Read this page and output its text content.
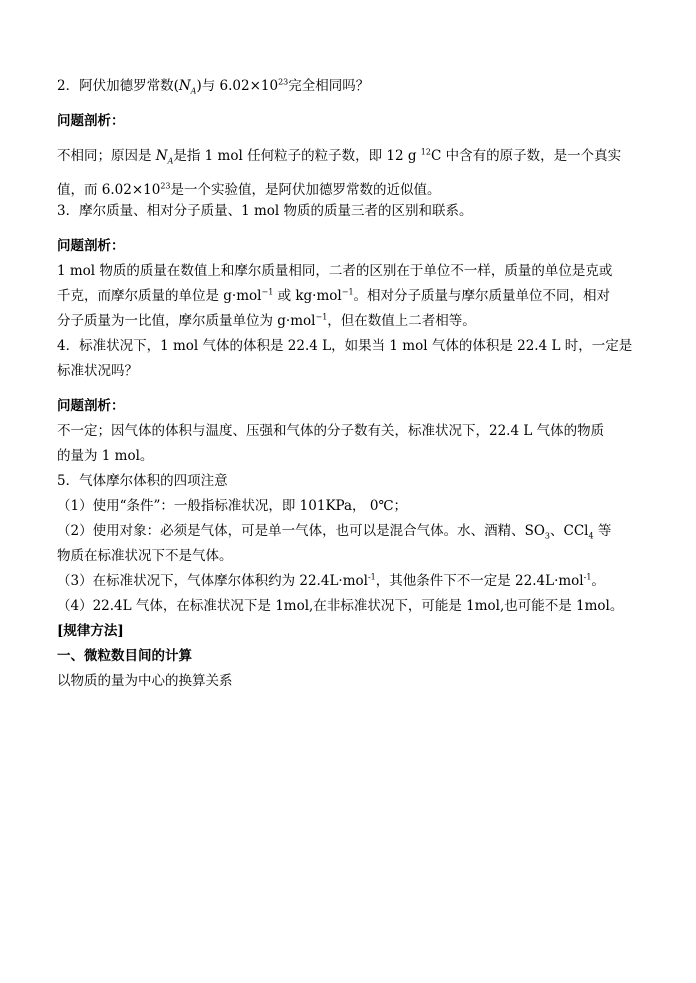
2．阿伏加德罗常数$(N_A)$与 $6.02\times 10^{23}$完全相同吗？
问题剖析：
不相同；原因是 $N_A$是指 1 mol 任何粒子的粒子数，即 12 g $^{12}$C 中含有的原子数，是一个真实
值，而 $6.02\times 10^{23}$是一个实验值，是阿伏加德罗常数的近似值。
3．摩尔质量、相对分子质量、1 mol 物质的质量三者的区别和联系。
问题剖析：
1 mol 物质的质量在数值上和摩尔质量相同，二者的区别在于单位不一样，质量的单位是克或
千克，而摩尔质量的单位是 g·mol$^{-1}$ 或 kg·mol$^{-1}$。相对分子质量与摩尔质量单位不同，相对
分子质量为一比值，摩尔质量单位为 g·mol$^{-1}$，但在数值上二者相等。
4．标准状况下，1 mol 气体的体积是 22.4 L，如果当 1 mol 气体的体积是 22.4 L 时，一定是
标准状况吗？
问题剖析：
不一定；因气体的体积与温度、压强和气体的分子数有关，标准状况下，22.4 L 气体的物质
的量为 1 mol。
5．气体摩尔体积的四项注意
（1）使用“条件”：一般指标准状况，即 101KPa， 0℃；
（2）使用对象：必须是气体，可是单一气体，也可以是混合气体。水、酒精、$SO_3$、CCl$_4$ 等
物质在标准状况下不是气体。
（3）在标准状况下，气体摩尔体积约为 22.4L·mol$^{-1}$，其他条件下不一定是 22.4L·mol$^{-1}$。
（4）22.4L 气体，在标准状况下是 1mol,在非标准状况下，可能是 1mol,也可能不是 1mol。
[规律方法]
一、微粒数目间的计算
以物质的量为中心的换算关系
